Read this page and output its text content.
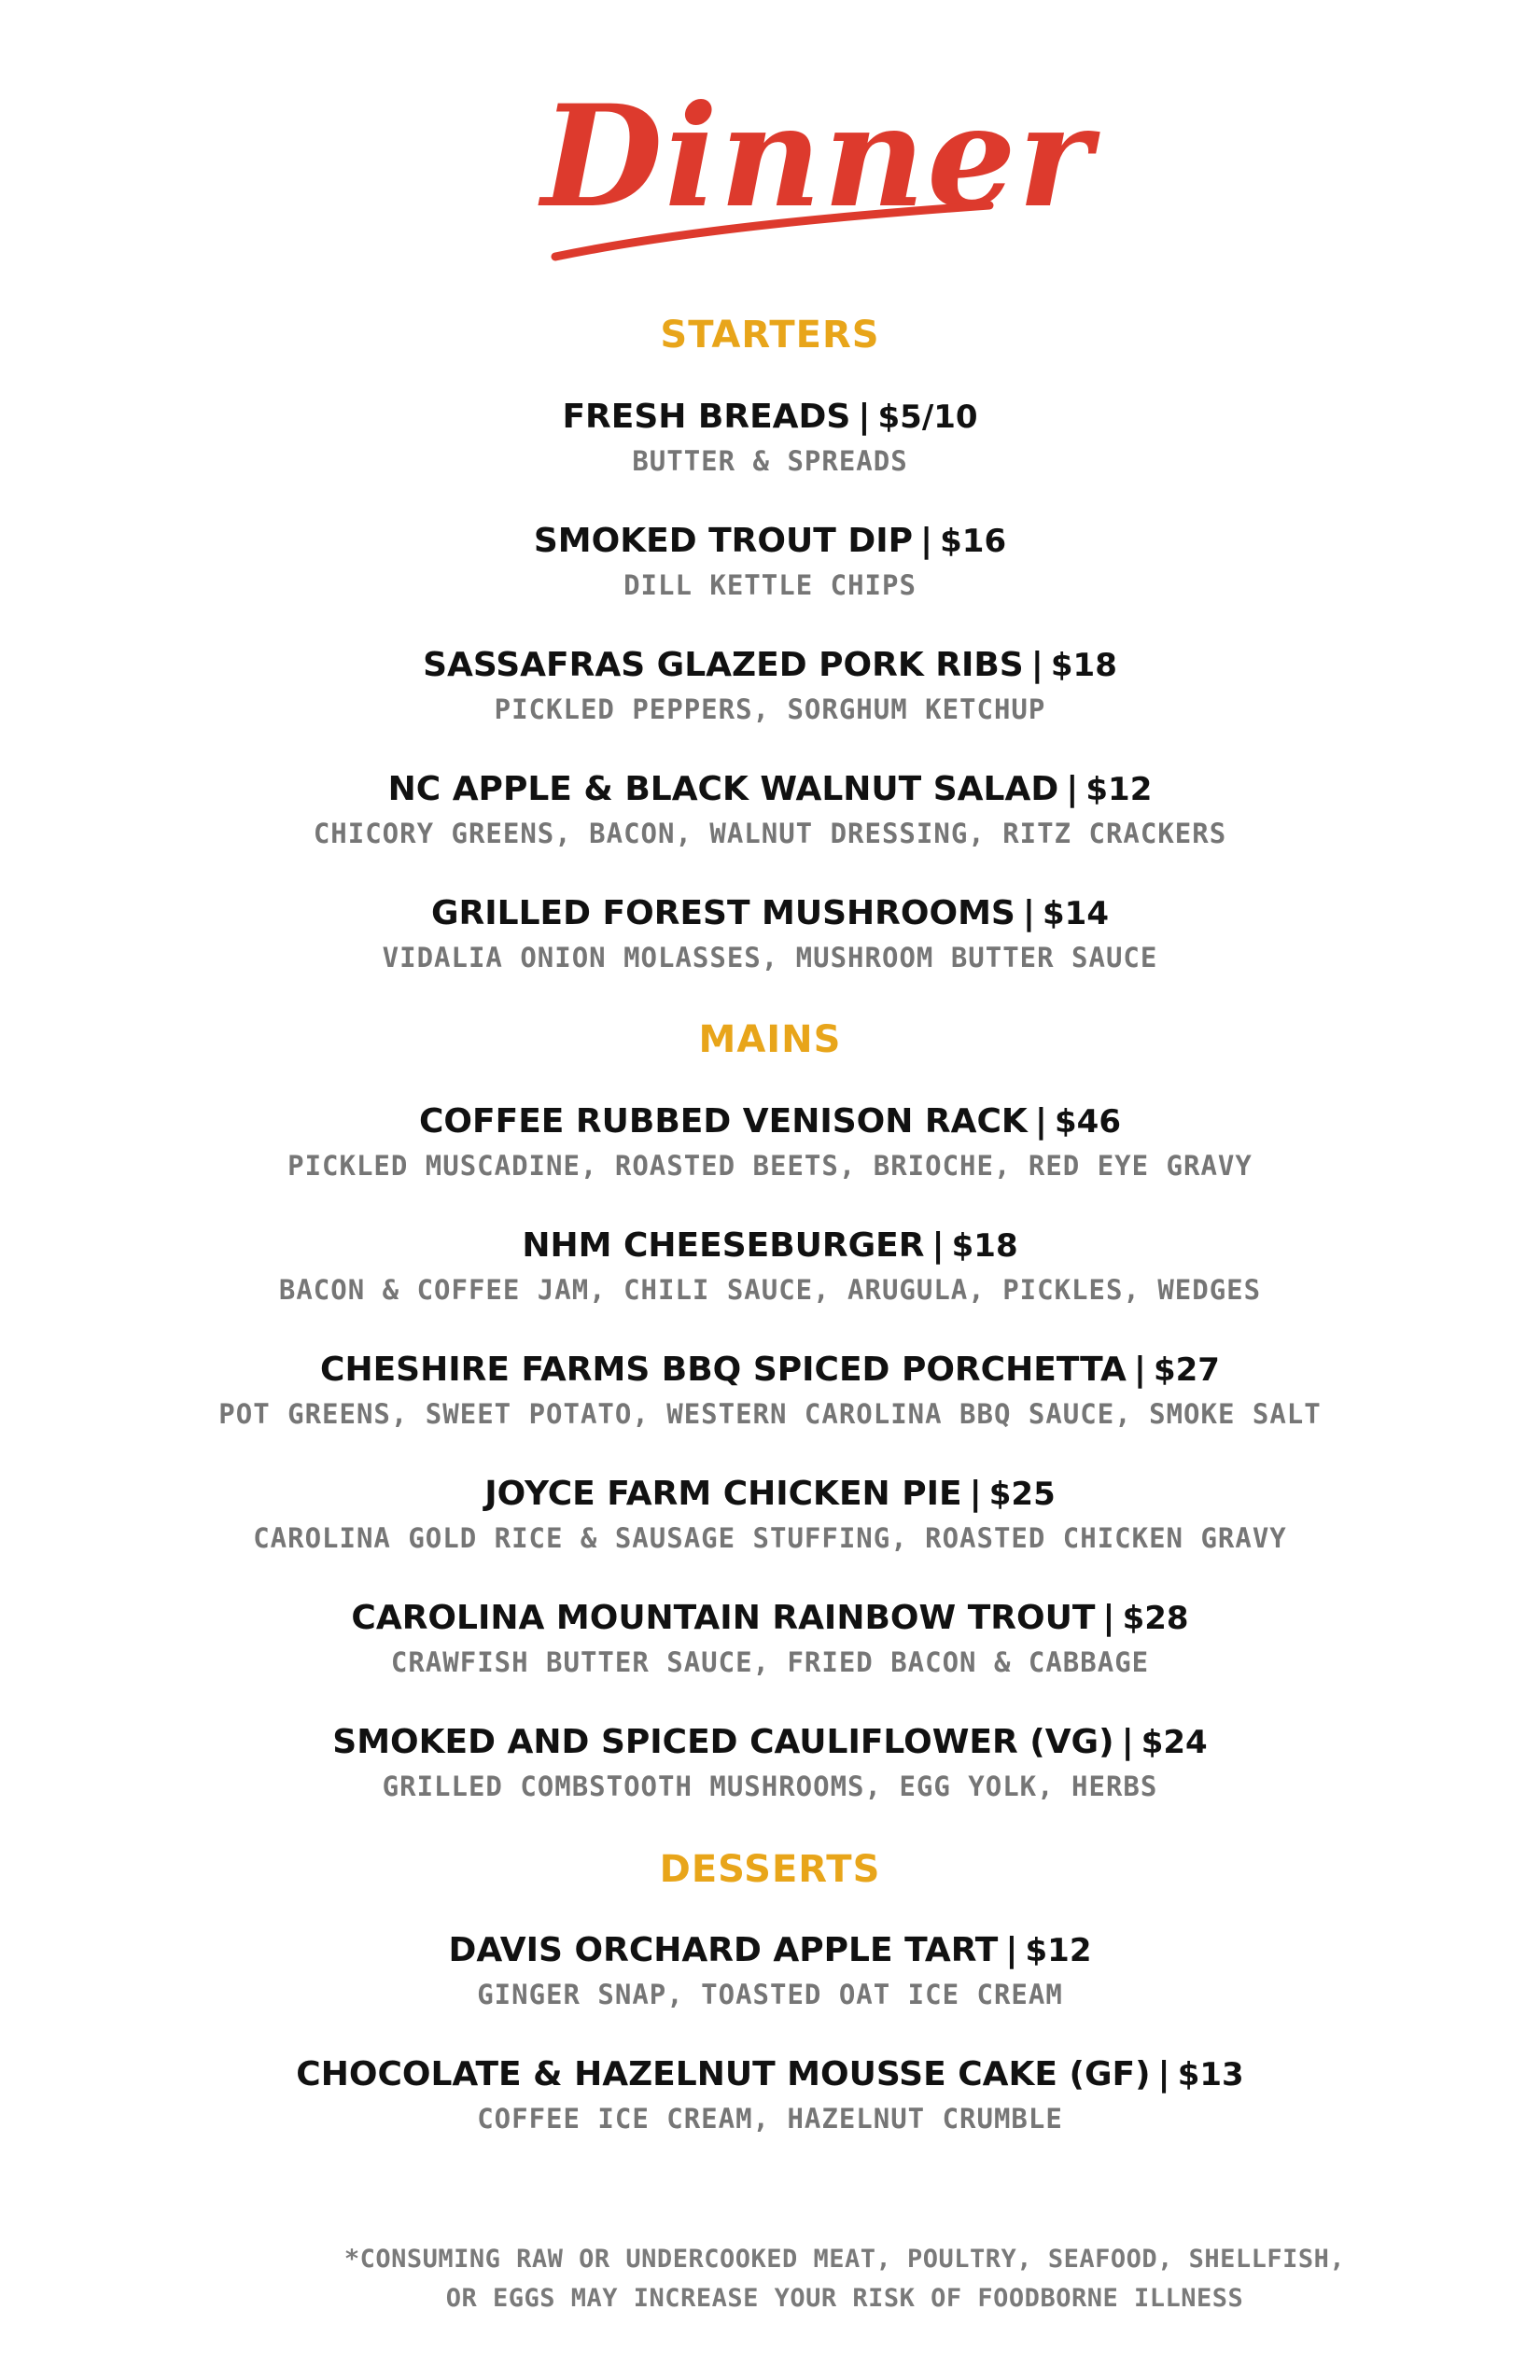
Dinner
STARTERS
FRESH BREADS | $5/10
BUTTER & SPREADS
SMOKED TROUT DIP | $16
DILL KETTLE CHIPS
SASSAFRAS GLAZED PORK RIBS | $18
PICKLED PEPPERS, SORGHUM KETCHUP
NC APPLE & BLACK WALNUT SALAD | $12
CHICORY GREENS, BACON, WALNUT DRESSING, RITZ CRACKERS
GRILLED FOREST MUSHROOMS | $14
VIDALIA ONION MOLASSES, MUSHROOM BUTTER SAUCE
MAINS
COFFEE RUBBED VENISON RACK | $46
PICKLED MUSCADINE, ROASTED BEETS, BRIOCHE, RED EYE GRAVY
NHM CHEESEBURGER | $18
BACON & COFFEE JAM, CHILI SAUCE, ARUGULA, PICKLES, WEDGES
CHESHIRE FARMS BBQ SPICED PORCHETTA | $27
POT GREENS, SWEET POTATO, WESTERN CAROLINA BBQ SAUCE, SMOKE SALT
JOYCE FARM CHICKEN PIE | $25
CAROLINA GOLD RICE & SAUSAGE STUFFING, ROASTED CHICKEN GRAVY
CAROLINA MOUNTAIN RAINBOW TROUT | $28
CRAWFISH BUTTER SAUCE, FRIED BACON & CABBAGE
SMOKED AND SPICED CAULIFLOWER (VG) | $24
GRILLED COMBSTOOTH MUSHROOMS, EGG YOLK, HERBS
DESSERTS
DAVIS ORCHARD APPLE TART | $12
GINGER SNAP, TOASTED OAT ICE CREAM
CHOCOLATE & HAZELNUT MOUSSE CAKE (GF) | $13
COFFEE ICE CREAM, HAZELNUT CRUMBLE
*CONSUMING RAW OR UNDERCOOKED MEAT, POULTRY, SEAFOOD, SHELLFISH,
OR EGGS MAY INCREASE YOUR RISK OF FOODBORNE ILLNESS
